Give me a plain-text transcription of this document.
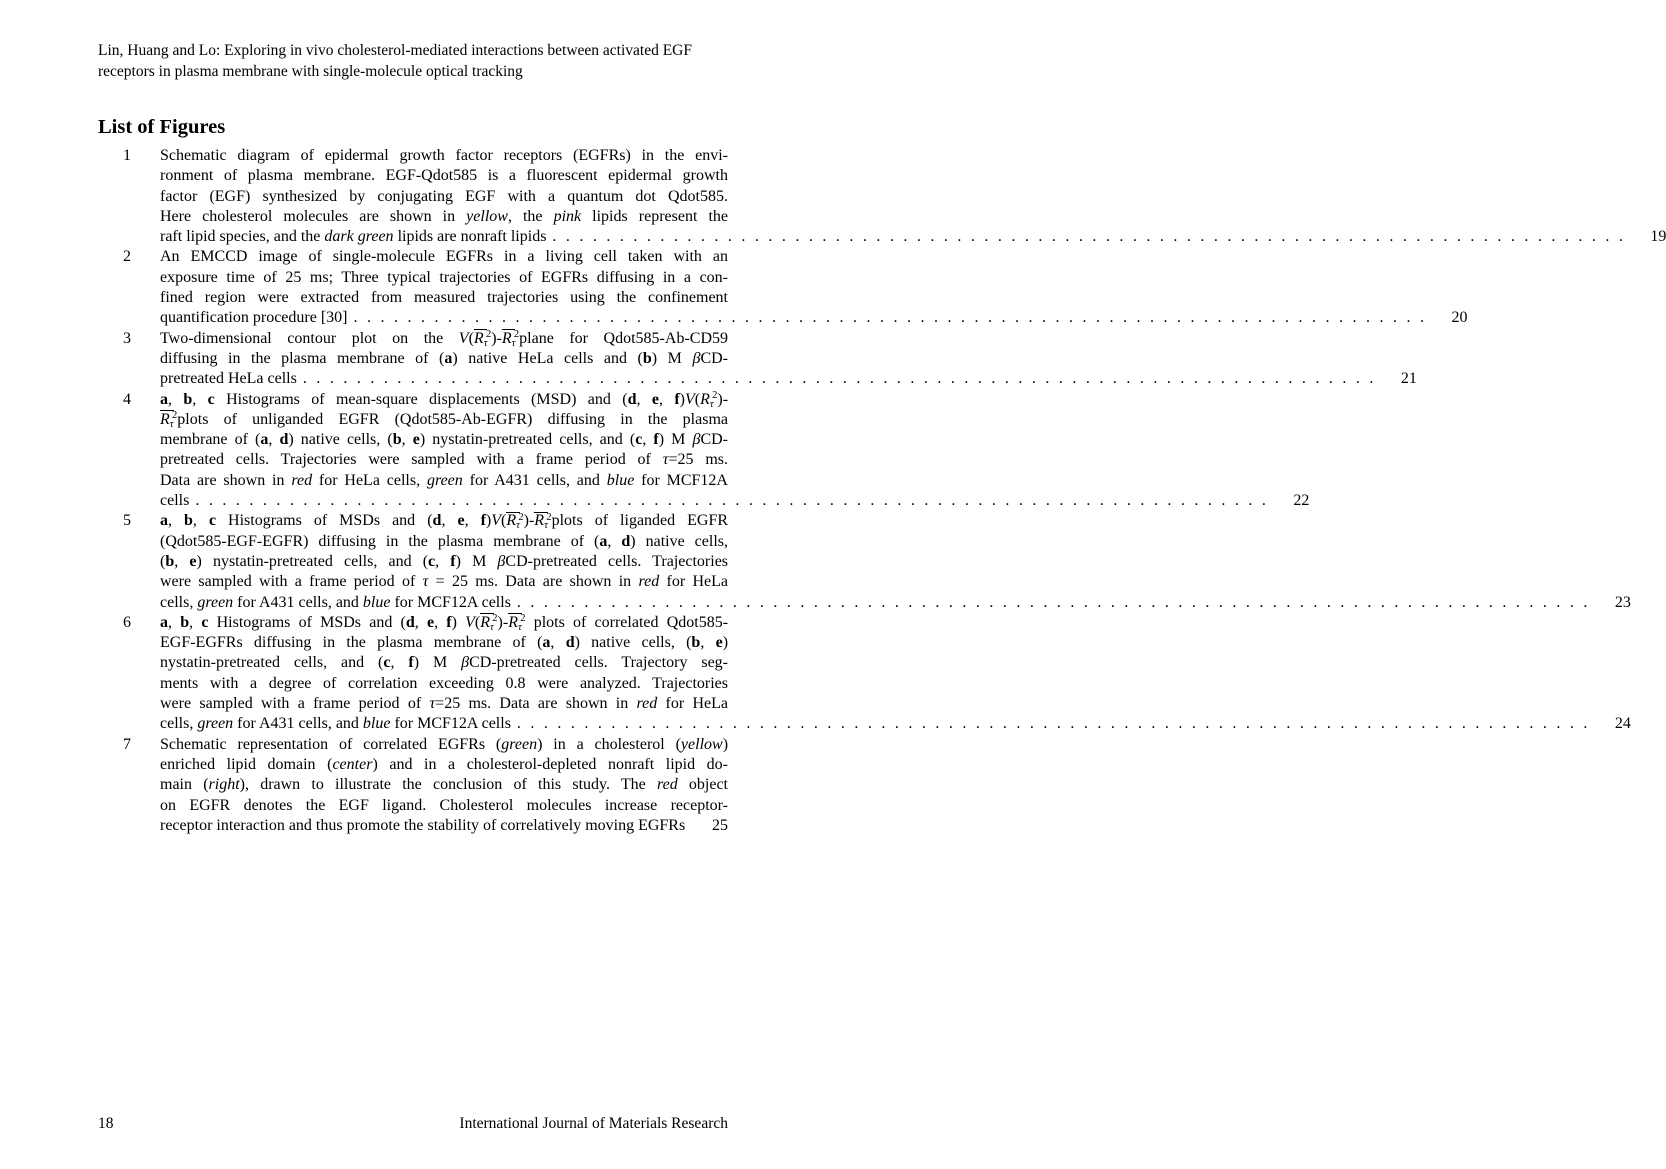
Lin, Huang and Lo: Exploring in vivo cholesterol-mediated interactions between activated EGF
receptors in plasma membrane with single-molecule optical tracking
List of Figures
1	Schematic diagram of epidermal growth factor receptors (EGFRs) in the envi-
ronment of plasma membrane. EGF-Qdot585 is a fluorescent epidermal growth
factor (EGF) synthesized by conjugating EGF with a quantum dot Qdot585.
Here cholesterol molecules are shown in yellow, the pink lipids represent the
raft lipid species, and the dark green lipids are nonraft lipids ................................................................................	19
2	An EMCCD image of single-molecule EGFRs in a living cell taken with an
exposure time of 25 ms; Three typical trajectories of EGFRs diffusing in a con-
fined region were extracted from measured trajectories using the confinement
quantification procedure [30] ................................................................................	20
3	Two-dimensional contour plot on the $V(R_\tau^2)-R_\tau^2plane$ for Qdot585-Ab-CD59
diffusing in the plasma membrane of (a) native HeLa cells and (b) M βCD-
pretreated HeLa cells ................................................................................	21
4	a, b, c Histograms of mean-square displacements (MSD) and (d, e, $f)V(R_\tau^2)-$
$R_\tau^2plots$ of unliganded EGFR (Qdot585-Ab-EGFR) diffusing in the plasma
membrane of (a, d) native cells, (b, e) nystatin-pretreated cells, and (c, f) M βCD-
pretreated cells. Trajectories were sampled with a frame period of τ=25 ms.
Data are shown in red for HeLa cells, green for A431 cells, and blue for MCF12A
cells ................................................................................	22
5	a, b, c Histograms of MSDs and (d, e, $f)V(R_\tau^2)-R_\tau^2plots$ of liganded EGFR
(Qdot585-EGF-EGFR) diffusing in the plasma membrane of (a, d) native cells,
(b, e) nystatin-pretreated cells, and (c, f) M βCD-pretreated cells. Trajectories
were sampled with a frame period of τ = 25 ms. Data are shown in red for HeLa
cells, green for A431 cells, and blue for MCF12A cells ................................................................................	23
6	a, b, c Histograms of MSDs and (d, e, f) $V(R_\tau^2)-R_\tau^2$ plots of correlated Qdot585-
EGF-EGFRs diffusing in the plasma membrane of (a, d) native cells, (b, e)
nystatin-pretreated cells, and (c, f) M βCD-pretreated cells. Trajectory seg-
ments with a degree of correlation exceeding 0.8 were analyzed. Trajectories
were sampled with a frame period of τ=25 ms. Data are shown in red for HeLa
cells, green for A431 cells, and blue for MCF12A cells ................................................................................	24
7	Schematic representation of correlated EGFRs (green) in a cholesterol (yellow)
enriched lipid domain (center) and in a cholesterol-depleted nonraft lipid do-
main (right), drawn to illustrate the conclusion of this study. The red object
on EGFR denotes the EGF ligand. Cholesterol molecules increase receptor-
receptor interaction and thus promote the stability of correlatively moving EGFRs	25
18	International Journal of Materials Research
